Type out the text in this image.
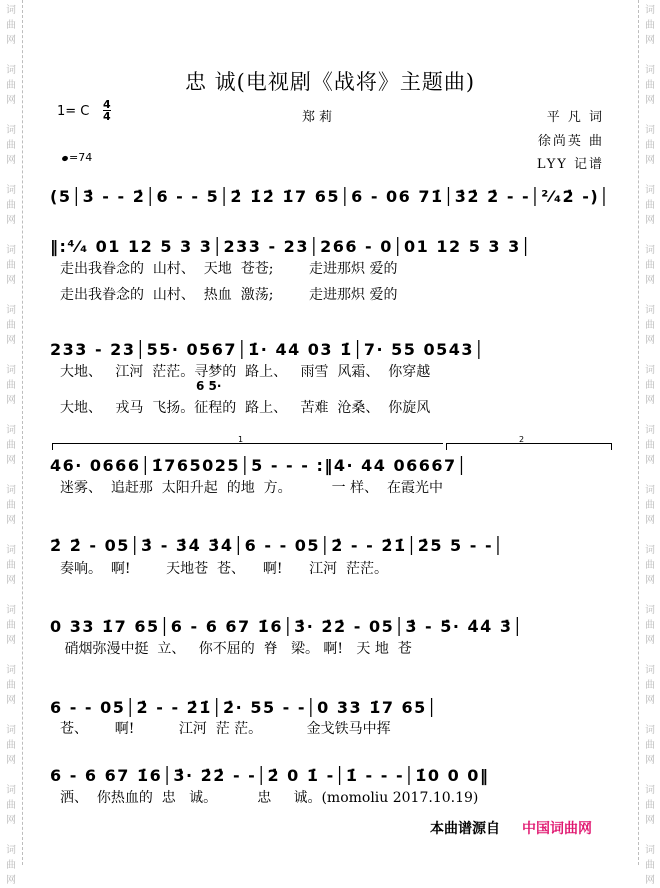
词
曲
网
词
曲
网
词
曲
网
词
曲
网
词
曲
网
词
曲
网
词
曲
网
词
曲
网
词
曲
网
词
曲
网
词
曲
网
词
曲
网
词
曲
网
词
曲
网
词
曲
网
词
曲
网
词
曲
网
词
曲
网
词
曲
网
词
曲
网
词
曲
网
词
曲
网
词
曲
网
词
曲
网
词
曲
网
词
曲
网
词
曲
网
词
曲
网
词
曲
网
词
曲
网
忠 诚(电视剧《战将》主题曲)
1= C 4
4	郑 莉
=74
平 凡 词
徐尚英 曲
LYY 记谱
(5│3̇ - - 2̇│6 - - 5│2̇ 1̇2̇ 1̇7 65│6 - 06 71̇│3̇2̇ 2̇ - -│²⁄₄2̇ -)│
‖:⁴⁄₄ 01 12 5 3 3│233 - 23│266 - 0│01 12 5 3 3│
233 - 23│55· 0567│1̇· 44 03 1̇│7· 55 0543│
46· 0666│1̇765025│5 - - - :‖4· 44 06667│
2̇ 2̇ - 05│3̇ - 3̇4̇ 3̇4̇│6 - - 05│2̇ - - 2̇1̇│2̇5 5 - -│
0 33 1̇7 65│6 - 6 67 1̇6│3̇· 2̇2̇ - 05│3̇ - 5̇· 4̇4̇ 3̇│
6 - - 05│2̇ - - 2̇1̇│2̇· 55 - -│0 33 1̇7 65│
6 - 6 67 1̇6│3̇· 2̇2̇ - -│2̇ 0 1̇ -│1̇ - - -│1̇0 0 0‖
走出我眷念的  山村、  天地  苍苍;        走进那炽 爱的
走出我眷念的  山村、  热血  激荡;        走进那炽 爱的
大地、   江河  茫茫。寻梦的  路上、   雨雪  风霜、  你穿越
大地、   戎马  飞扬。征程的  路上、   苦难  沧桑、  你旋风
迷雾、  追赶那  太阳升起  的地  方。         一 样、  在霞光中
奏响。  啊!        天地苍  苍、    啊!      江河  茫茫。
硝烟弥漫中挺  立、   你不屈的  脊   梁。 啊!   天 地  苍
苍、      啊!          江河  茫 茫。          金戈铁马中挥
洒、  你热血的  忠   诚。         忠     诚。(momoliu 2017.10.19)
6 5·
1	2
本曲谱源自 中国词曲网
